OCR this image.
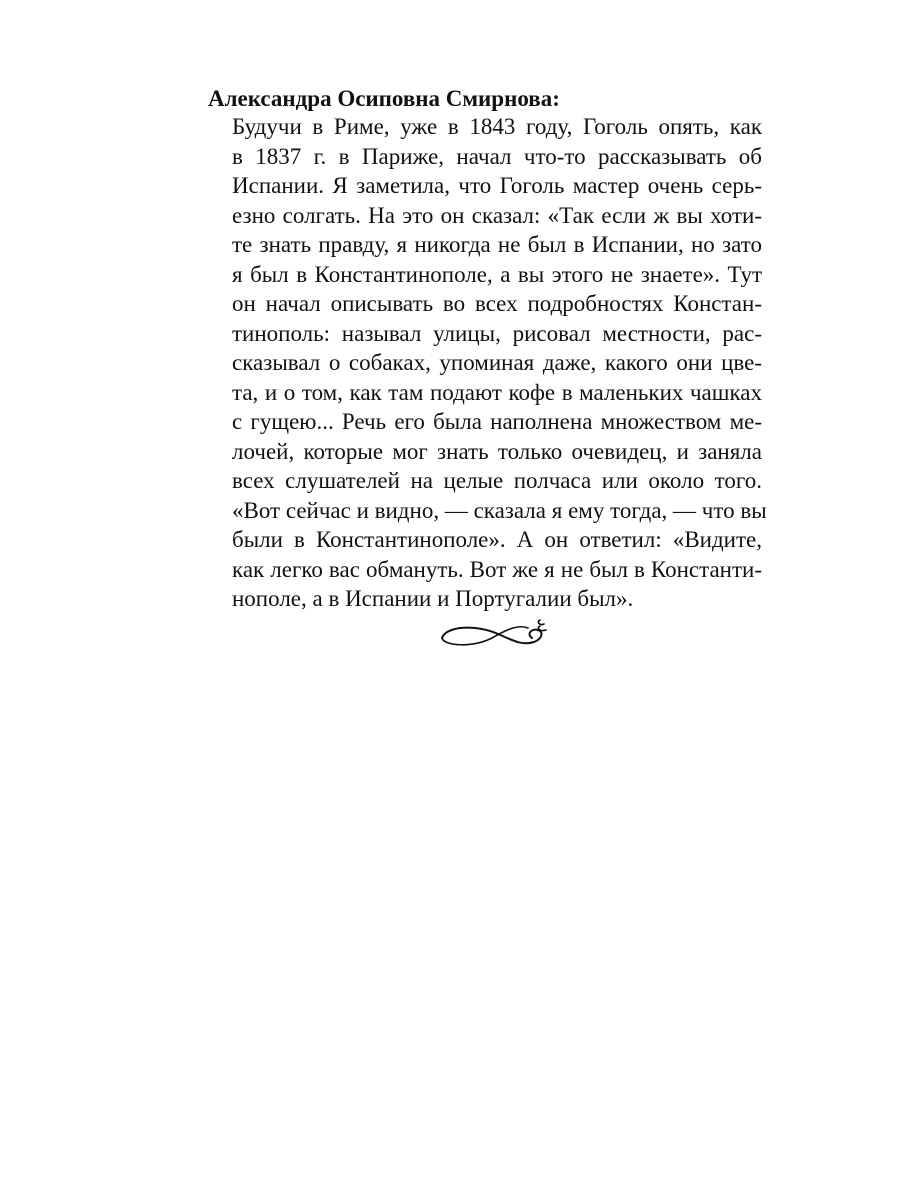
Александра Осиповна Смирнова:
Будучи в Риме, уже в 1843 году, Гоголь опять, как
в 1837 г. в Париже, начал что-то рассказывать об
Испании. Я заметила, что Гоголь мастер очень серь-
езно солгать. На это он сказал: «Так если ж вы хоти-
те знать правду, я никогда не был в Испании, но зато
я был в Константинополе, а вы этого не знаете». Тут
он начал описывать во всех подробностях Констан-
тинополь: называл улицы, рисовал местности, рас-
сказывал о собаках, упоминая даже, какого они цве-
та, и о том, как там подают кофе в маленьких чашках
с гущею... Речь его была наполнена множеством ме-
лочей, которые мог знать только очевидец, и заняла
всех слушателей на целые полчаса или около того.
«Вот сейчас и видно, — сказала я ему тогда, — что вы
были в Константинополе». А он ответил: «Видите,
как легко вас обмануть. Вот же я не был в Константи-
нополе, а в Испании и Португалии был».
